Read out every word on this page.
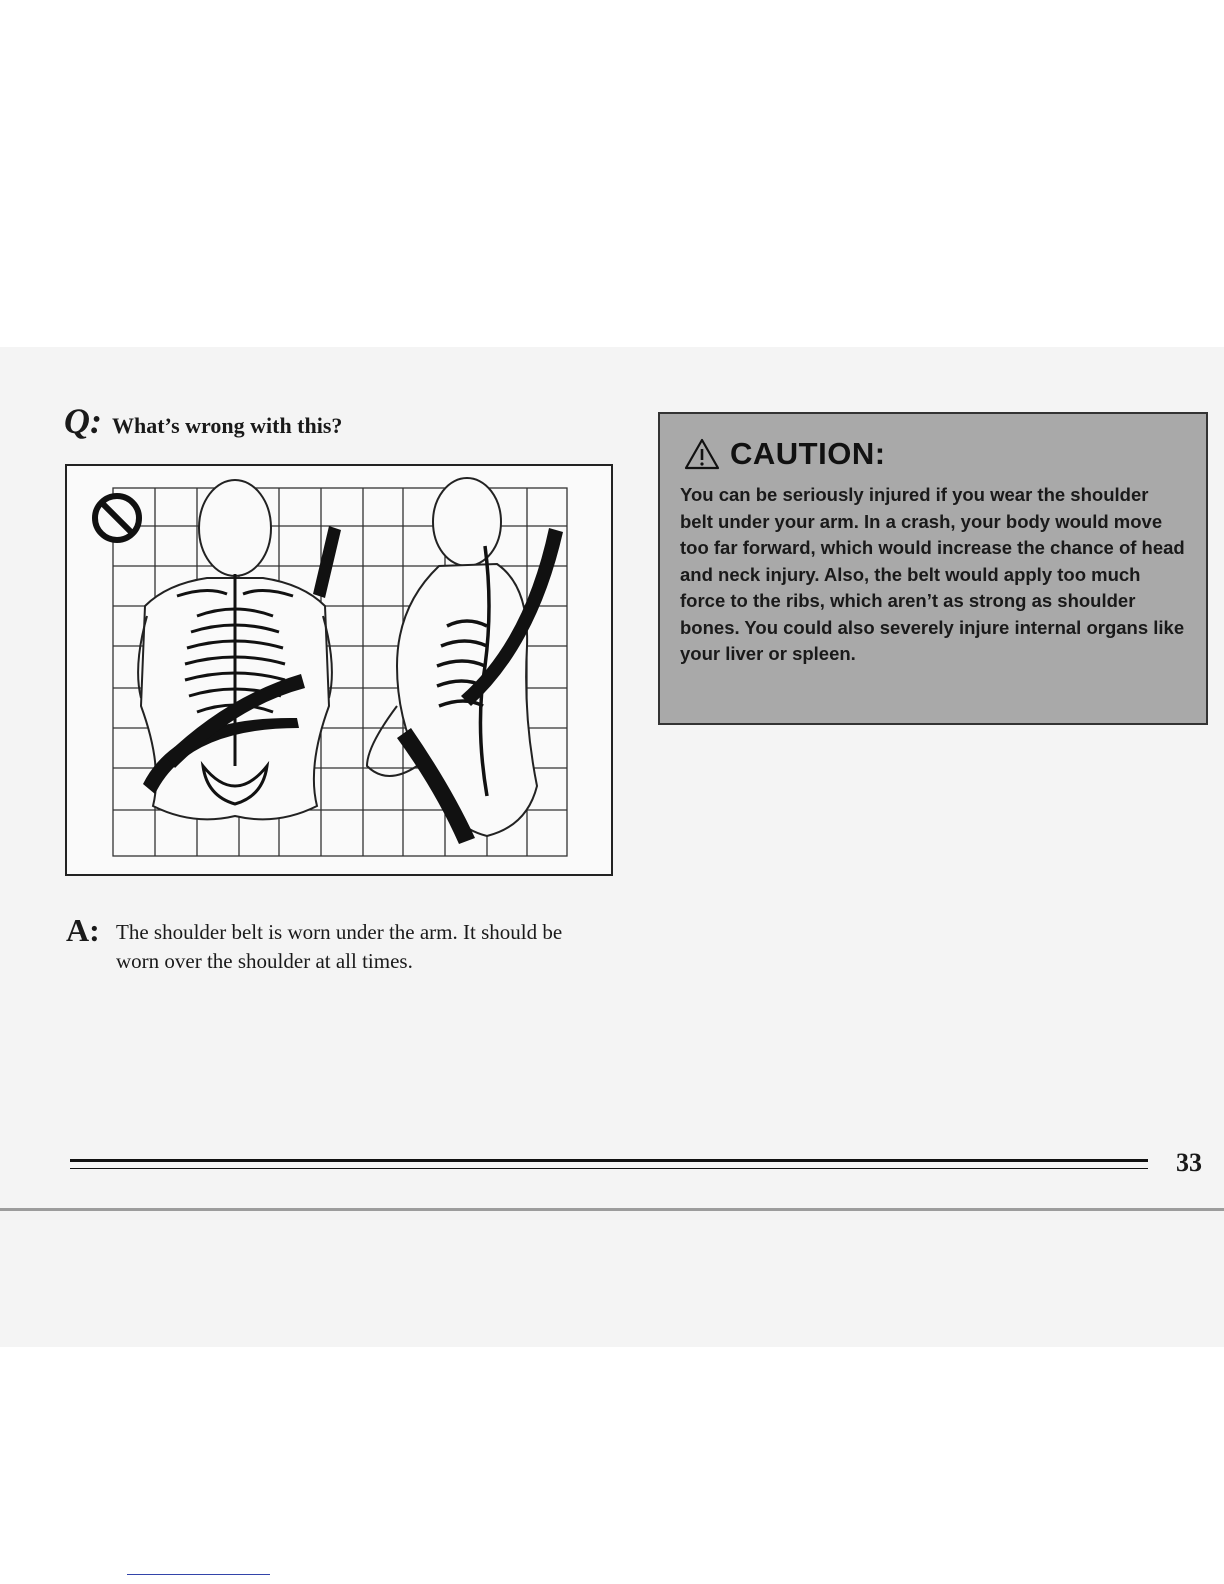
Q: What’s wrong with this?
A: The shoulder belt is worn under the arm. It should be worn over the shoulder at all times.
CAUTION:
You can be seriously injured if you wear the shoulder belt under your arm. In a crash, your body would move too far forward, which would increase the chance of head and neck injury. Also, the belt would apply too much force to the ribs, which aren’t as strong as shoulder bones. You could also severely injure internal organs like your liver or spleen.
33
